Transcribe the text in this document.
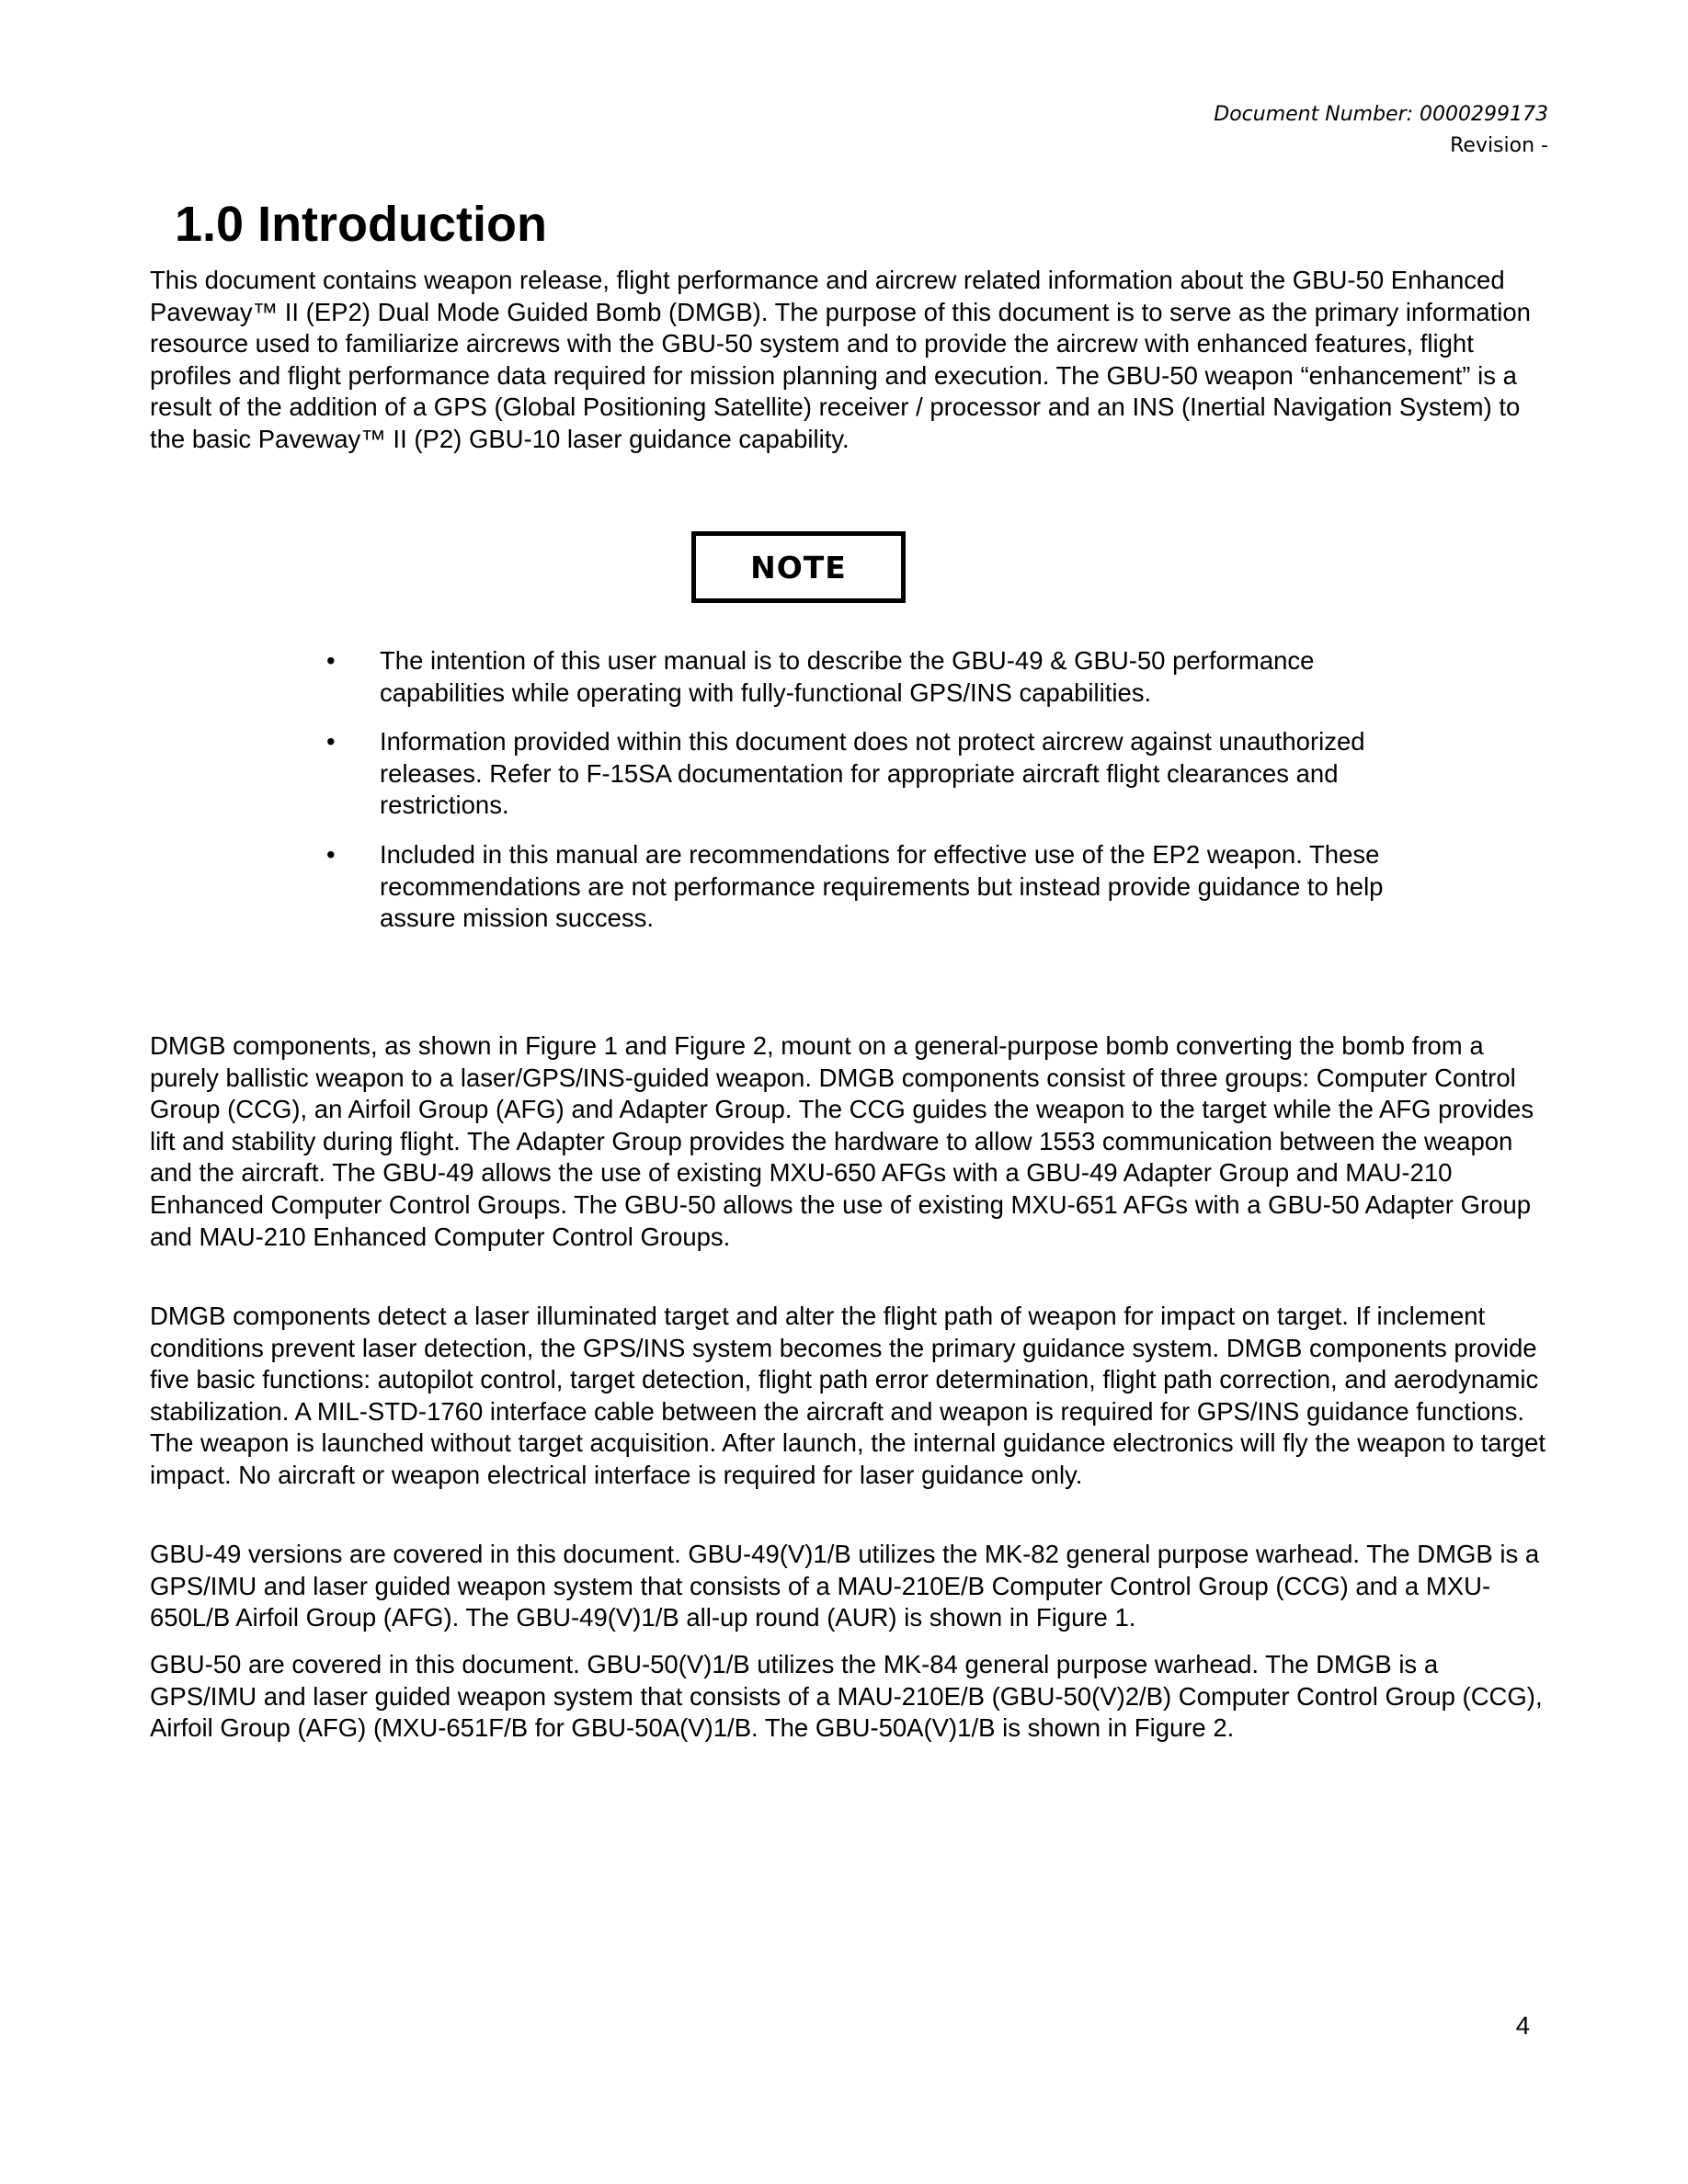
Document Number: 0000299173
Revision -
1.0 Introduction

This document contains weapon release, flight performance and aircrew related information about the GBU-50 Enhanced Paveway™ II (EP2) Dual Mode Guided Bomb (DMGB). The purpose of this document is to serve as the primary information resource used to familiarize aircrews with the GBU-50 system and to provide the aircrew with enhanced features, flight profiles and flight performance data required for mission planning and execution. The GBU-50 weapon “enhancement” is a result of the addition of a GPS (Global Positioning Satellite) receiver / processor and an INS (Inertial Navigation System) to the basic Paveway™ II (P2) GBU-10 laser guidance capability.

NOTE
• The intention of this user manual is to describe the GBU-49 & GBU-50 performance capabilities while operating with fully-functional GPS/INS capabilities.
• Information provided within this document does not protect aircrew against unauthorized releases. Refer to F-15SA documentation for appropriate aircraft flight clearances and restrictions.
• Included in this manual are recommendations for effective use of the EP2 weapon. These recommendations are not performance requirements but instead provide guidance to help assure mission success.

DMGB components, as shown in Figure 1 and Figure 2, mount on a general-purpose bomb converting the bomb from a purely ballistic weapon to a laser/GPS/INS-guided weapon. DMGB components consist of three groups: Computer Control Group (CCG), an Airfoil Group (AFG) and Adapter Group. The CCG guides the weapon to the target while the AFG provides lift and stability during flight. The Adapter Group provides the hardware to allow 1553 communication between the weapon and the aircraft. The GBU-49 allows the use of existing MXU-650 AFGs with a GBU-49 Adapter Group and MAU-210 Enhanced Computer Control Groups. The GBU-50 allows the use of existing MXU-651 AFGs with a GBU-50 Adapter Group and MAU-210 Enhanced Computer Control Groups.

DMGB components detect a laser illuminated target and alter the flight path of weapon for impact on target. If inclement conditions prevent laser detection, the GPS/INS system becomes the primary guidance system. DMGB components provide five basic functions: autopilot control, target detection, flight path error determination, flight path correction, and aerodynamic stabilization. A MIL-STD-1760 interface cable between the aircraft and weapon is required for GPS/INS guidance functions. The weapon is launched without target acquisition. After launch, the internal guidance electronics will fly the weapon to target impact. No aircraft or weapon electrical interface is required for laser guidance only.

GBU-49 versions are covered in this document. GBU-49(V)1/B utilizes the MK-82 general purpose warhead. The DMGB is a GPS/IMU and laser guided weapon system that consists of a MAU-210E/B Computer Control Group (CCG) and a MXU-650L/B Airfoil Group (AFG). The GBU-49(V)1/B all-up round (AUR) is shown in Figure 1.

GBU-50 are covered in this document. GBU-50(V)1/B utilizes the MK-84 general purpose warhead. The DMGB is a GPS/IMU and laser guided weapon system that consists of a MAU-210E/B (GBU-50(V)2/B) Computer Control Group (CCG), Airfoil Group (AFG) (MXU-651F/B for GBU-50A(V)1/B. The GBU-50A(V)1/B is shown in Figure 2.

4
